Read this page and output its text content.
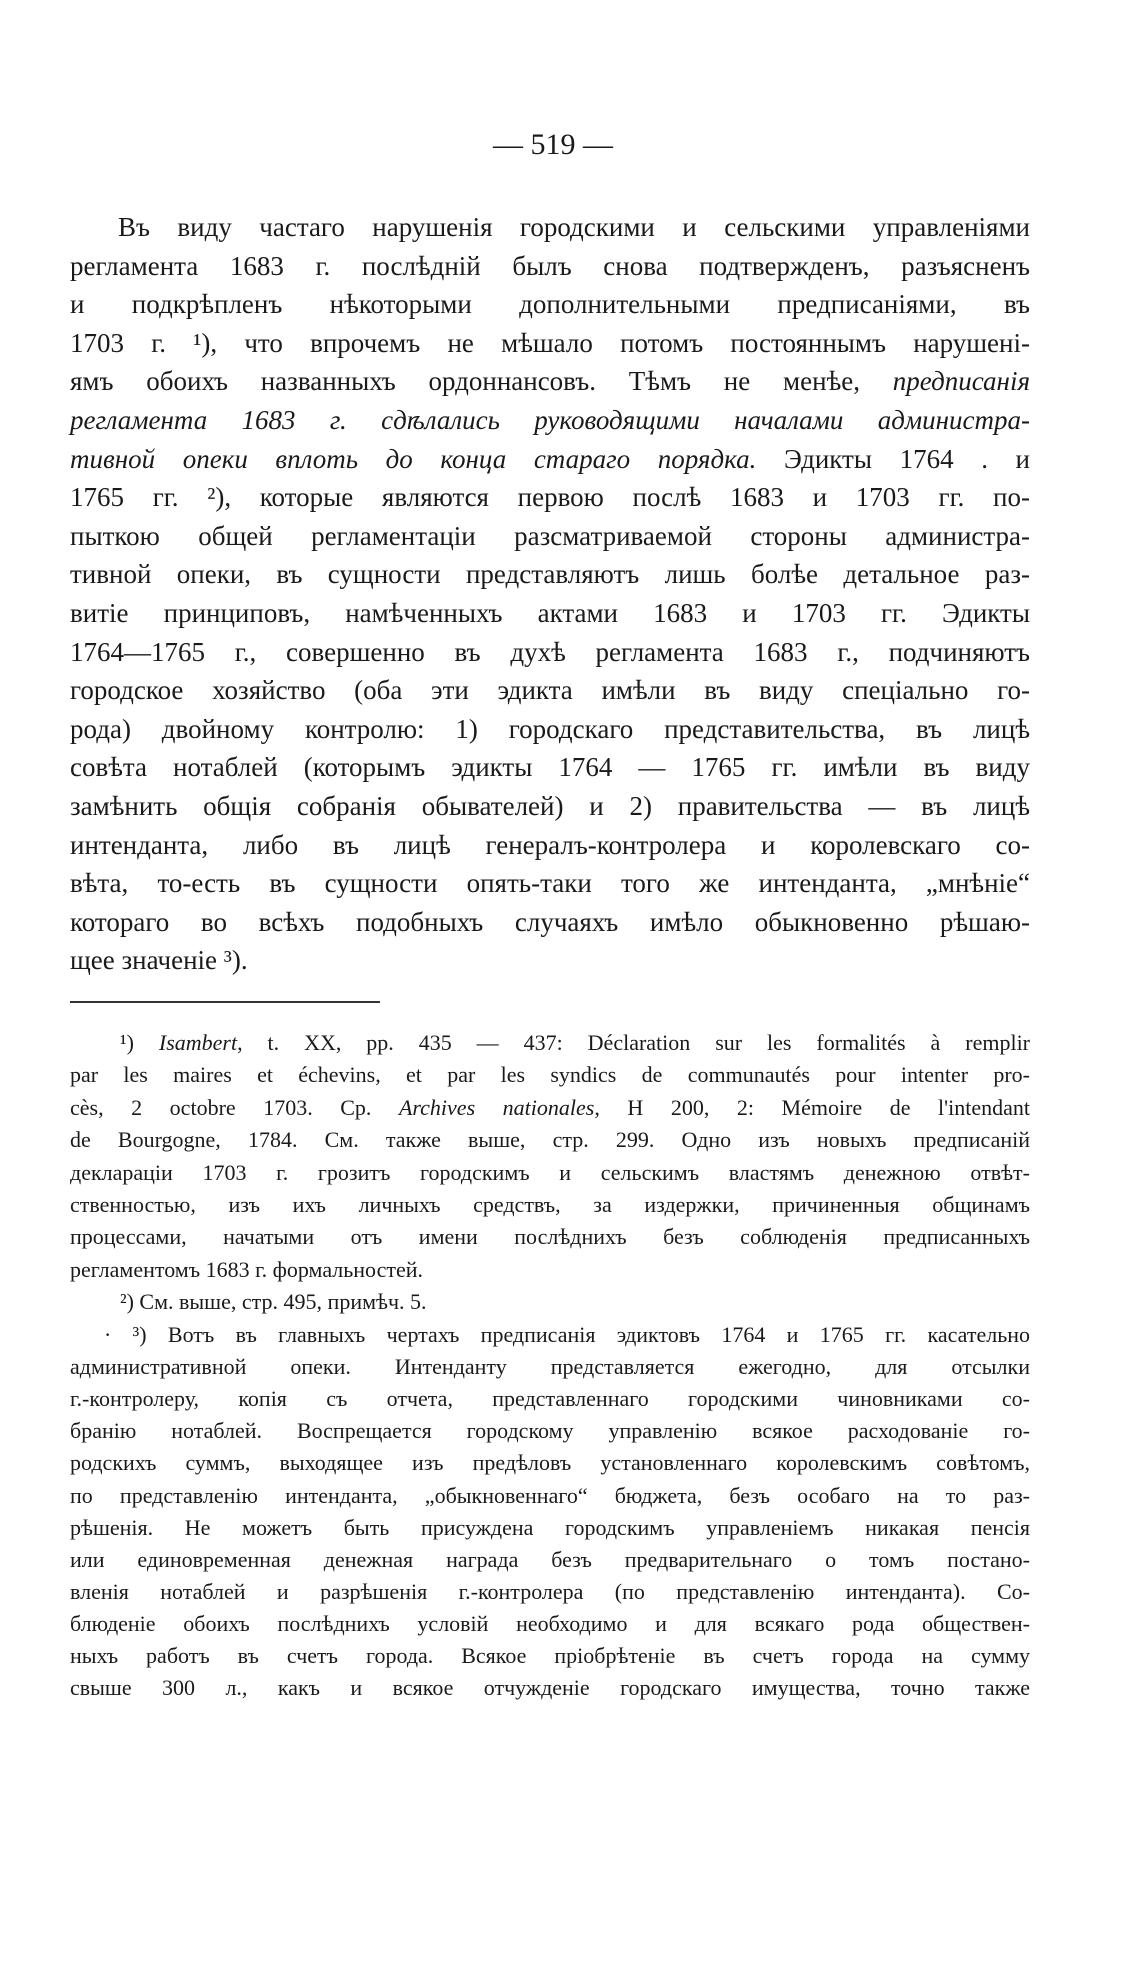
— 519 —
Въ виду частаго нарушенія городскими и сельскими управленіями
регламента 1683 г. послѣдній былъ снова подтвержденъ, разъясненъ
и подкрѣпленъ нѣкоторыми дополнительными предписаніями, въ
1703 г. ¹), что впрочемъ не мѣшало потомъ постояннымъ нарушені-
ямъ обоихъ названныхъ ордоннансовъ. Тѣмъ не менѣе, предписанія
регламента 1683 г. сдѣлались руководящими началами администра-
тивной опеки вплоть до конца стараго порядка. Эдикты 1764 . и
1765 гг. ²), которые являются первою послѣ 1683 и 1703 гг. по-
пыткою общей регламентаціи разсматриваемой стороны администра-
тивной опеки, въ сущности представляютъ лишь болѣе детальное раз-
витіе принциповъ, намѣченныхъ актами 1683 и 1703 гг. Эдикты
1764—1765 г., совершенно въ духѣ регламента 1683 г., подчиняютъ
городское хозяйство (оба эти эдикта имѣли въ виду спеціально го-
рода) двойному контролю: 1) городскаго представительства, въ лицѣ
совѣта нотаблей (которымъ эдикты 1764 — 1765 гг. имѣли въ виду
замѣнить общія собранія обывателей) и 2) правительства — въ лицѣ
интенданта, либо въ лицѣ генералъ-контролера и королевскаго со-
вѣта, то-есть въ сущности опять-таки того же интенданта, „мнѣніе“
котораго во всѣхъ подобныхъ случаяхъ имѣло обыкновенно рѣшаю-
щее значеніе ³).
¹) Isambert, t. XX, pp. 435 — 437: Déclaration sur les formalités à remplir
par les maires et échevins, et par les syndics de communautés pour intenter pro-
cès, 2 octobre 1703. Ср. Archives nationales, H 200, 2: Mémoire de l'intendant
de Bourgogne, 1784. См. также выше, стр. 299. Одно изъ новыхъ предписаній
деклараціи 1703 г. грозитъ городскимъ и сельскимъ властямъ денежною отвѣт-
ственностью, изъ ихъ личныхъ средствъ, за издержки, причиненныя общинамъ
процессами, начатыми отъ имени послѣднихъ безъ соблюденія предписанныхъ
регламентомъ 1683 г. формальностей.
²) См. выше, стр. 495, примѣч. 5.
· ³) Вотъ въ главныхъ чертахъ предписанія эдиктовъ 1764 и 1765 гг. касательно
административной опеки. Интенданту представляется ежегодно, для отсылки
г.-контролеру, копія съ отчета, представленнаго городскими чиновниками со-
бранію нотаблей. Воспрещается городскому управленію всякое расходованіе го-
родскихъ суммъ, выходящее изъ предѣловъ установленнаго королевскимъ совѣтомъ,
по представленію интенданта, „обыкновеннаго“ бюджета, безъ особаго на то раз-
рѣшенія. Не можетъ быть присуждена городскимъ управленіемъ никакая пенсія
или единовременная денежная награда безъ предварительнаго о томъ постано-
вленія нотаблей и разрѣшенія г.-контролера (по представленію интенданта). Со-
блюденіе обоихъ послѣднихъ условій необходимо и для всякаго рода обществен-
ныхъ работъ въ счетъ города. Всякое пріобрѣтеніе въ счетъ города на сумму
свыше 300 л., какъ и всякое отчужденіе городскаго имущества, точно также
